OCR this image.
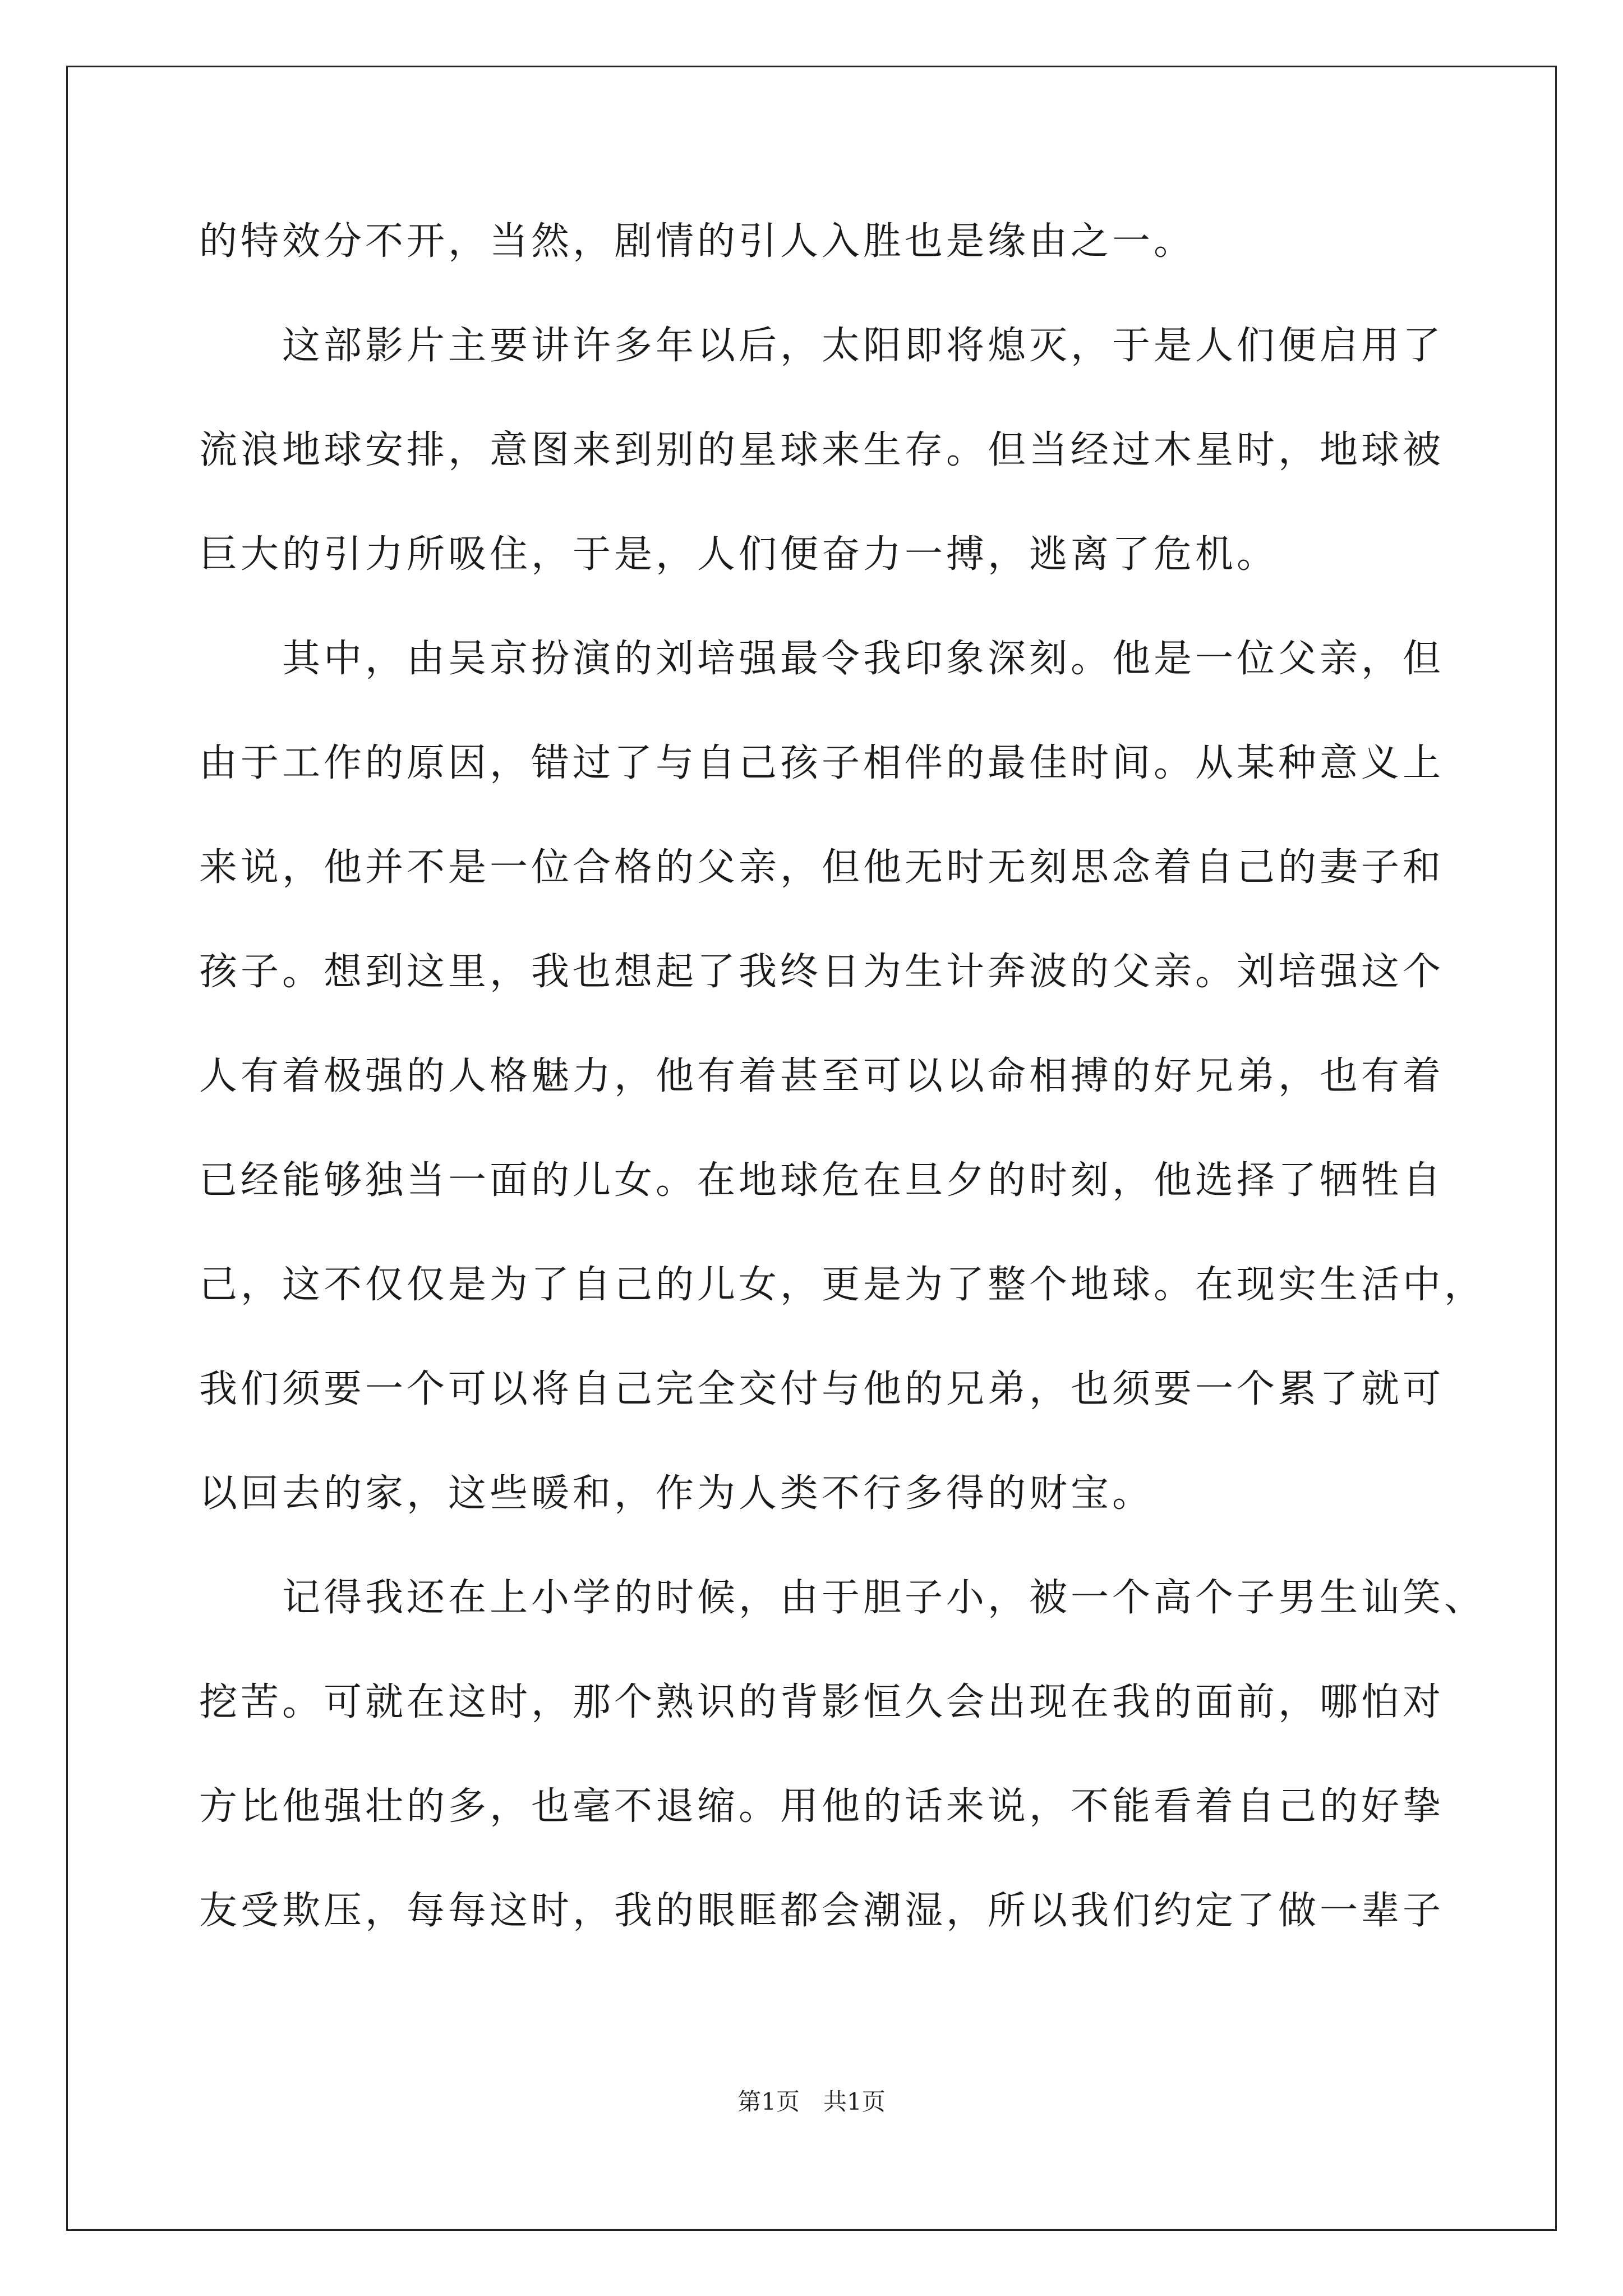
的特效分不开，当然，剧情的引人入胜也是缘由之一。
　　这部影片主要讲许多年以后，太阳即将熄灭，于是人们便启用了
流浪地球安排，意图来到别的星球来生存。但当经过木星时，地球被
巨大的引力所吸住，于是，人们便奋力一搏，逃离了危机。
　　其中，由吴京扮演的刘培强最令我印象深刻。他是一位父亲，但
由于工作的原因，错过了与自己孩子相伴的最佳时间。从某种意义上
来说，他并不是一位合格的父亲，但他无时无刻思念着自己的妻子和
孩子。想到这里，我也想起了我终日为生计奔波的父亲。刘培强这个
人有着极强的人格魅力，他有着甚至可以以命相搏的好兄弟，也有着
已经能够独当一面的儿女。在地球危在旦夕的时刻，他选择了牺牲自
己，这不仅仅是为了自己的儿女，更是为了整个地球。在现实生活中，
我们须要一个可以将自己完全交付与他的兄弟，也须要一个累了就可
以回去的家，这些暖和，作为人类不行多得的财宝。
　　记得我还在上小学的时候，由于胆子小，被一个高个子男生讪笑、
挖苦。可就在这时，那个熟识的背影恒久会出现在我的面前，哪怕对
方比他强壮的多，也毫不退缩。用他的话来说，不能看着自己的好挚
友受欺压，每每这时，我的眼眶都会潮湿，所以我们约定了做一辈子
第1页　共1页
